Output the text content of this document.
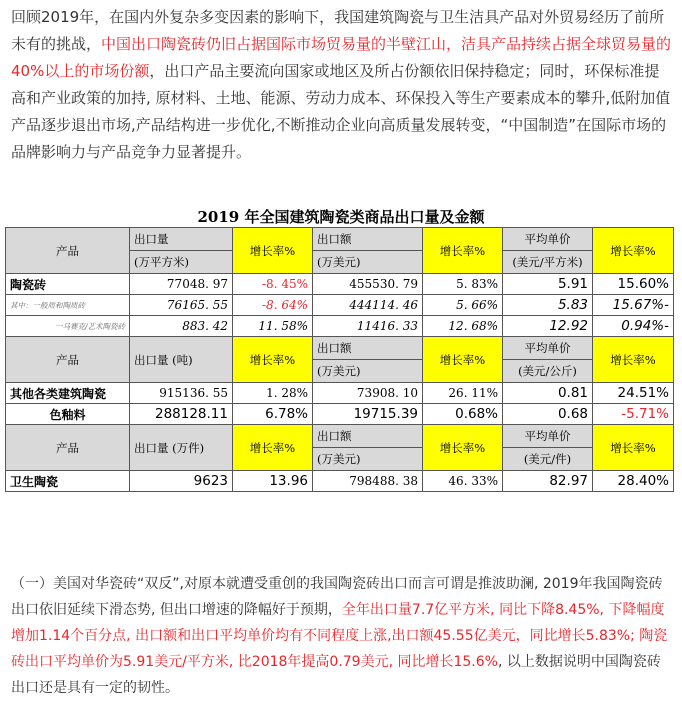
回顾2019年，在国内外复杂多变因素的影响下，我国建筑陶瓷与卫生洁具产品对外贸易经历了前所未有的挑战，中国出口陶瓷砖仍旧占据国际市场贸易量的半壁江山，洁具产品持续占据全球贸易量的40%以上的市场份额，出口产品主要流向国家或地区及所占份额依旧保持稳定；同时，环保标准提高和产业政策的加持, 原材料、土地、能源、劳动力成本、环保投入等生产要素成本的攀升,低附加值产品逐步退出市场,产品结构进一步优化,不断推动企业向高质量发展转变，“中国制造”在国际市场的品牌影响力与产品竞争力显著提升。
2019 年全国建筑陶瓷类商品出口量及金额
产品	出口量	增长率%	出口额	增长率%	平均单价	增长率%
	(万平方米)		(万美元)		(美元/平方米)	
陶瓷砖	77048. 97	-8. 45%	455530. 79	5. 83%	5.91	15.60%
其中：一般质和陶质砖	76165. 55	-8. 64%	444114. 46	5. 66%	5.83	15.67%-
一马赛克/艺术陶瓷砖	883. 42	11. 58%	11416. 33	12. 68%	12.92	0.94%-
产品	出口量 (吨)	增长率%	出口额	增长率%	平均单价	增长率%
			(万美元)		(美元/公斤)	
其他各类建筑陶瓷	915136. 55	1. 28%	73908. 10	26. 11%	0.81	24.51%
色釉料	288128.11	6.78%	19715.39	0.68%	0.68	-5.71%
产品	出口量 (万件)	增长率%	出口额	增长率%	平均单价	增长率%
			(万美元)		(美元/件)	
卫生陶瓷	9623	13.96	798488. 38	46. 33%	82.97	28.40%
（一）美国对华瓷砖“双反”,对原本就遭受重创的我国陶瓷砖出口而言可谓是推波助澜, 2019年我国陶瓷砖出口依旧延续下滑态势, 但出口增速的降幅好于预期，全年出口量7.7亿平方米, 同比下降8.45%, 下降幅度增加1.14个百分点, 出口额和出口平均单价均有不同程度上涨,出口额45.55亿美元，同比增长5.83%; 陶瓷砖出口平均单价为5.91美元/平方米, 比2018年提高0.79美元, 同比增长15.6%, 以上数据说明中国陶瓷砖出口还是具有一定的韧性。
